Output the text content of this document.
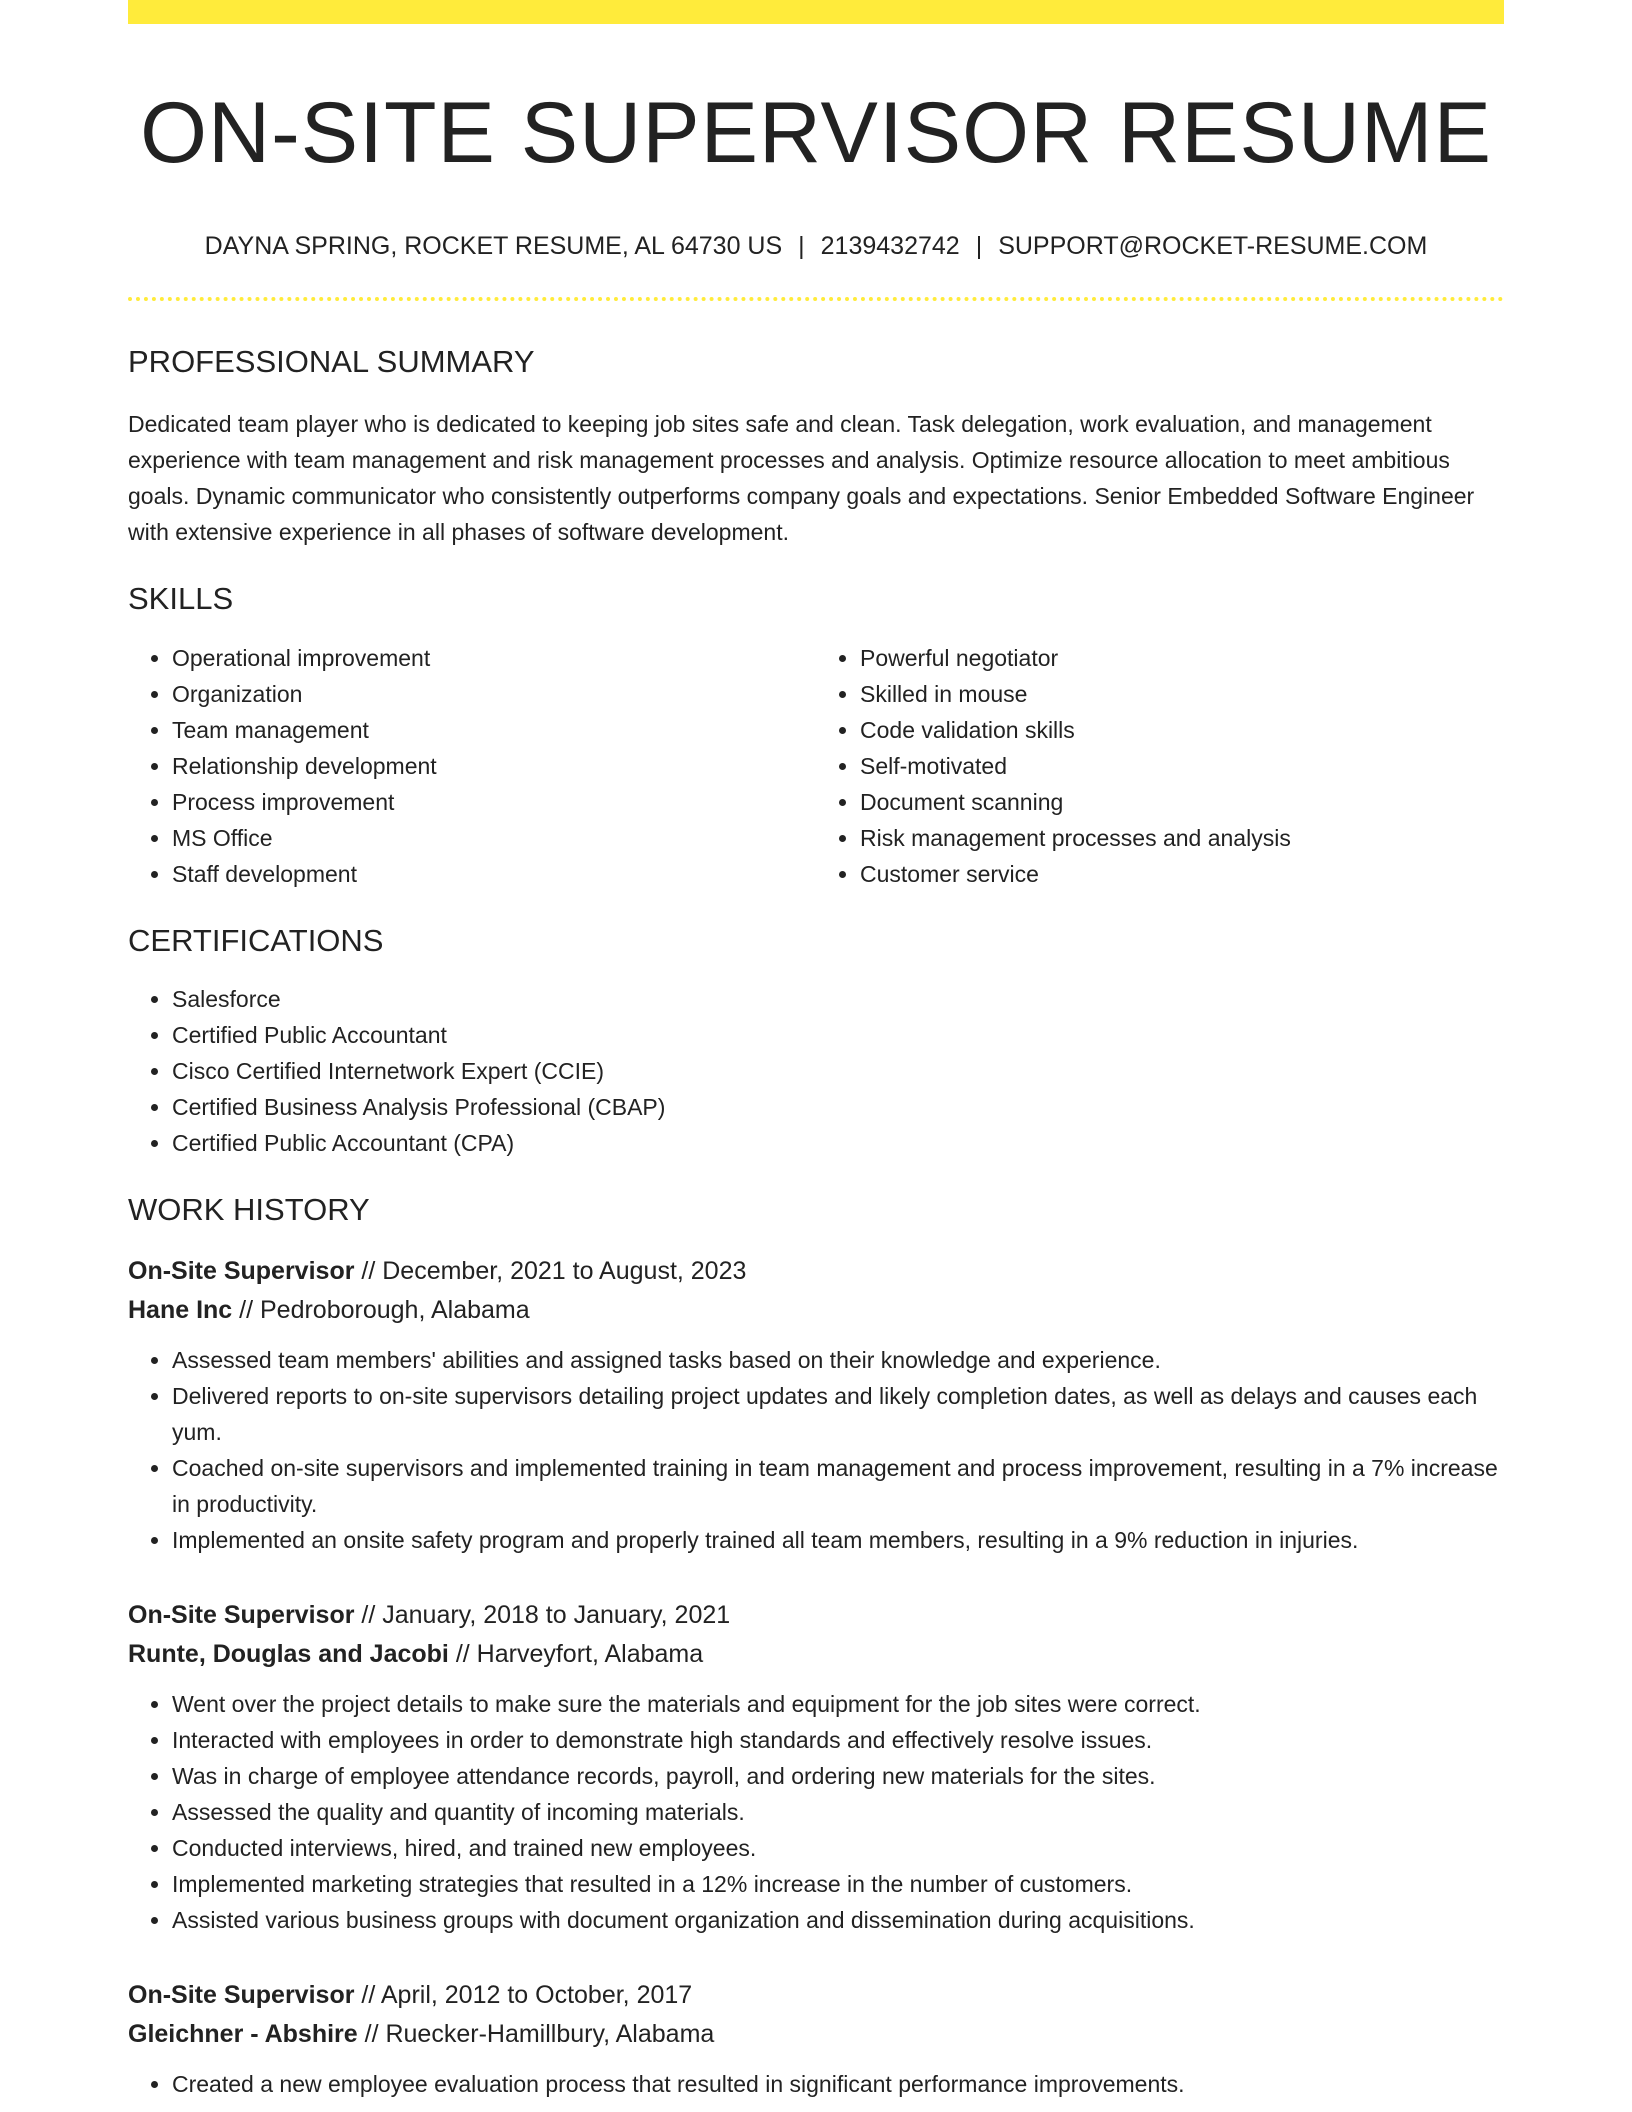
ON-SITE SUPERVISOR RESUME
DAYNA SPRING, ROCKET RESUME, AL 64730 US | 2139432742 | SUPPORT@ROCKET-RESUME.COM
PROFESSIONAL SUMMARY

Dedicated team player who is dedicated to keeping job sites safe and clean. Task delegation, work evaluation, and management experience with team management and risk management processes and analysis. Optimize resource allocation to meet ambitious goals. Dynamic communicator who consistently outperforms company goals and expectations. Senior Embedded Software Engineer with extensive experience in all phases of software development.

SKILLS
• Operational improvement
• Organization
• Team management
• Relationship development
• Process improvement
• MS Office
• Staff development
• Powerful negotiator
• Skilled in mouse
• Code validation skills
• Self-motivated
• Document scanning
• Risk management processes and analysis
• Customer service
CERTIFICATIONS
• Salesforce
• Certified Public Accountant
• Cisco Certified Internetwork Expert (CCIE)
• Certified Business Analysis Professional (CBAP)
• Certified Public Accountant (CPA)
WORK HISTORY
On-Site Supervisor // December, 2021 to August, 2023
Hane Inc // Pedroborough, Alabama
• Assessed team members' abilities and assigned tasks based on their knowledge and experience.
• Delivered reports to on-site supervisors detailing project updates and likely completion dates, as well as delays and causes each yum.
• Coached on-site supervisors and implemented training in team management and process improvement, resulting in a 7% increase in productivity.
• Implemented an onsite safety program and properly trained all team members, resulting in a 9% reduction in injuries.
On-Site Supervisor // January, 2018 to January, 2021
Runte, Douglas and Jacobi // Harveyfort, Alabama
• Went over the project details to make sure the materials and equipment for the job sites were correct.
• Interacted with employees in order to demonstrate high standards and effectively resolve issues.
• Was in charge of employee attendance records, payroll, and ordering new materials for the sites.
• Assessed the quality and quantity of incoming materials.
• Conducted interviews, hired, and trained new employees.
• Implemented marketing strategies that resulted in a 12% increase in the number of customers.
• Assisted various business groups with document organization and dissemination during acquisitions.
On-Site Supervisor // April, 2012 to October, 2017
Gleichner - Abshire // Ruecker-Hamillbury, Alabama
• Created a new employee evaluation process that resulted in significant performance improvements.
